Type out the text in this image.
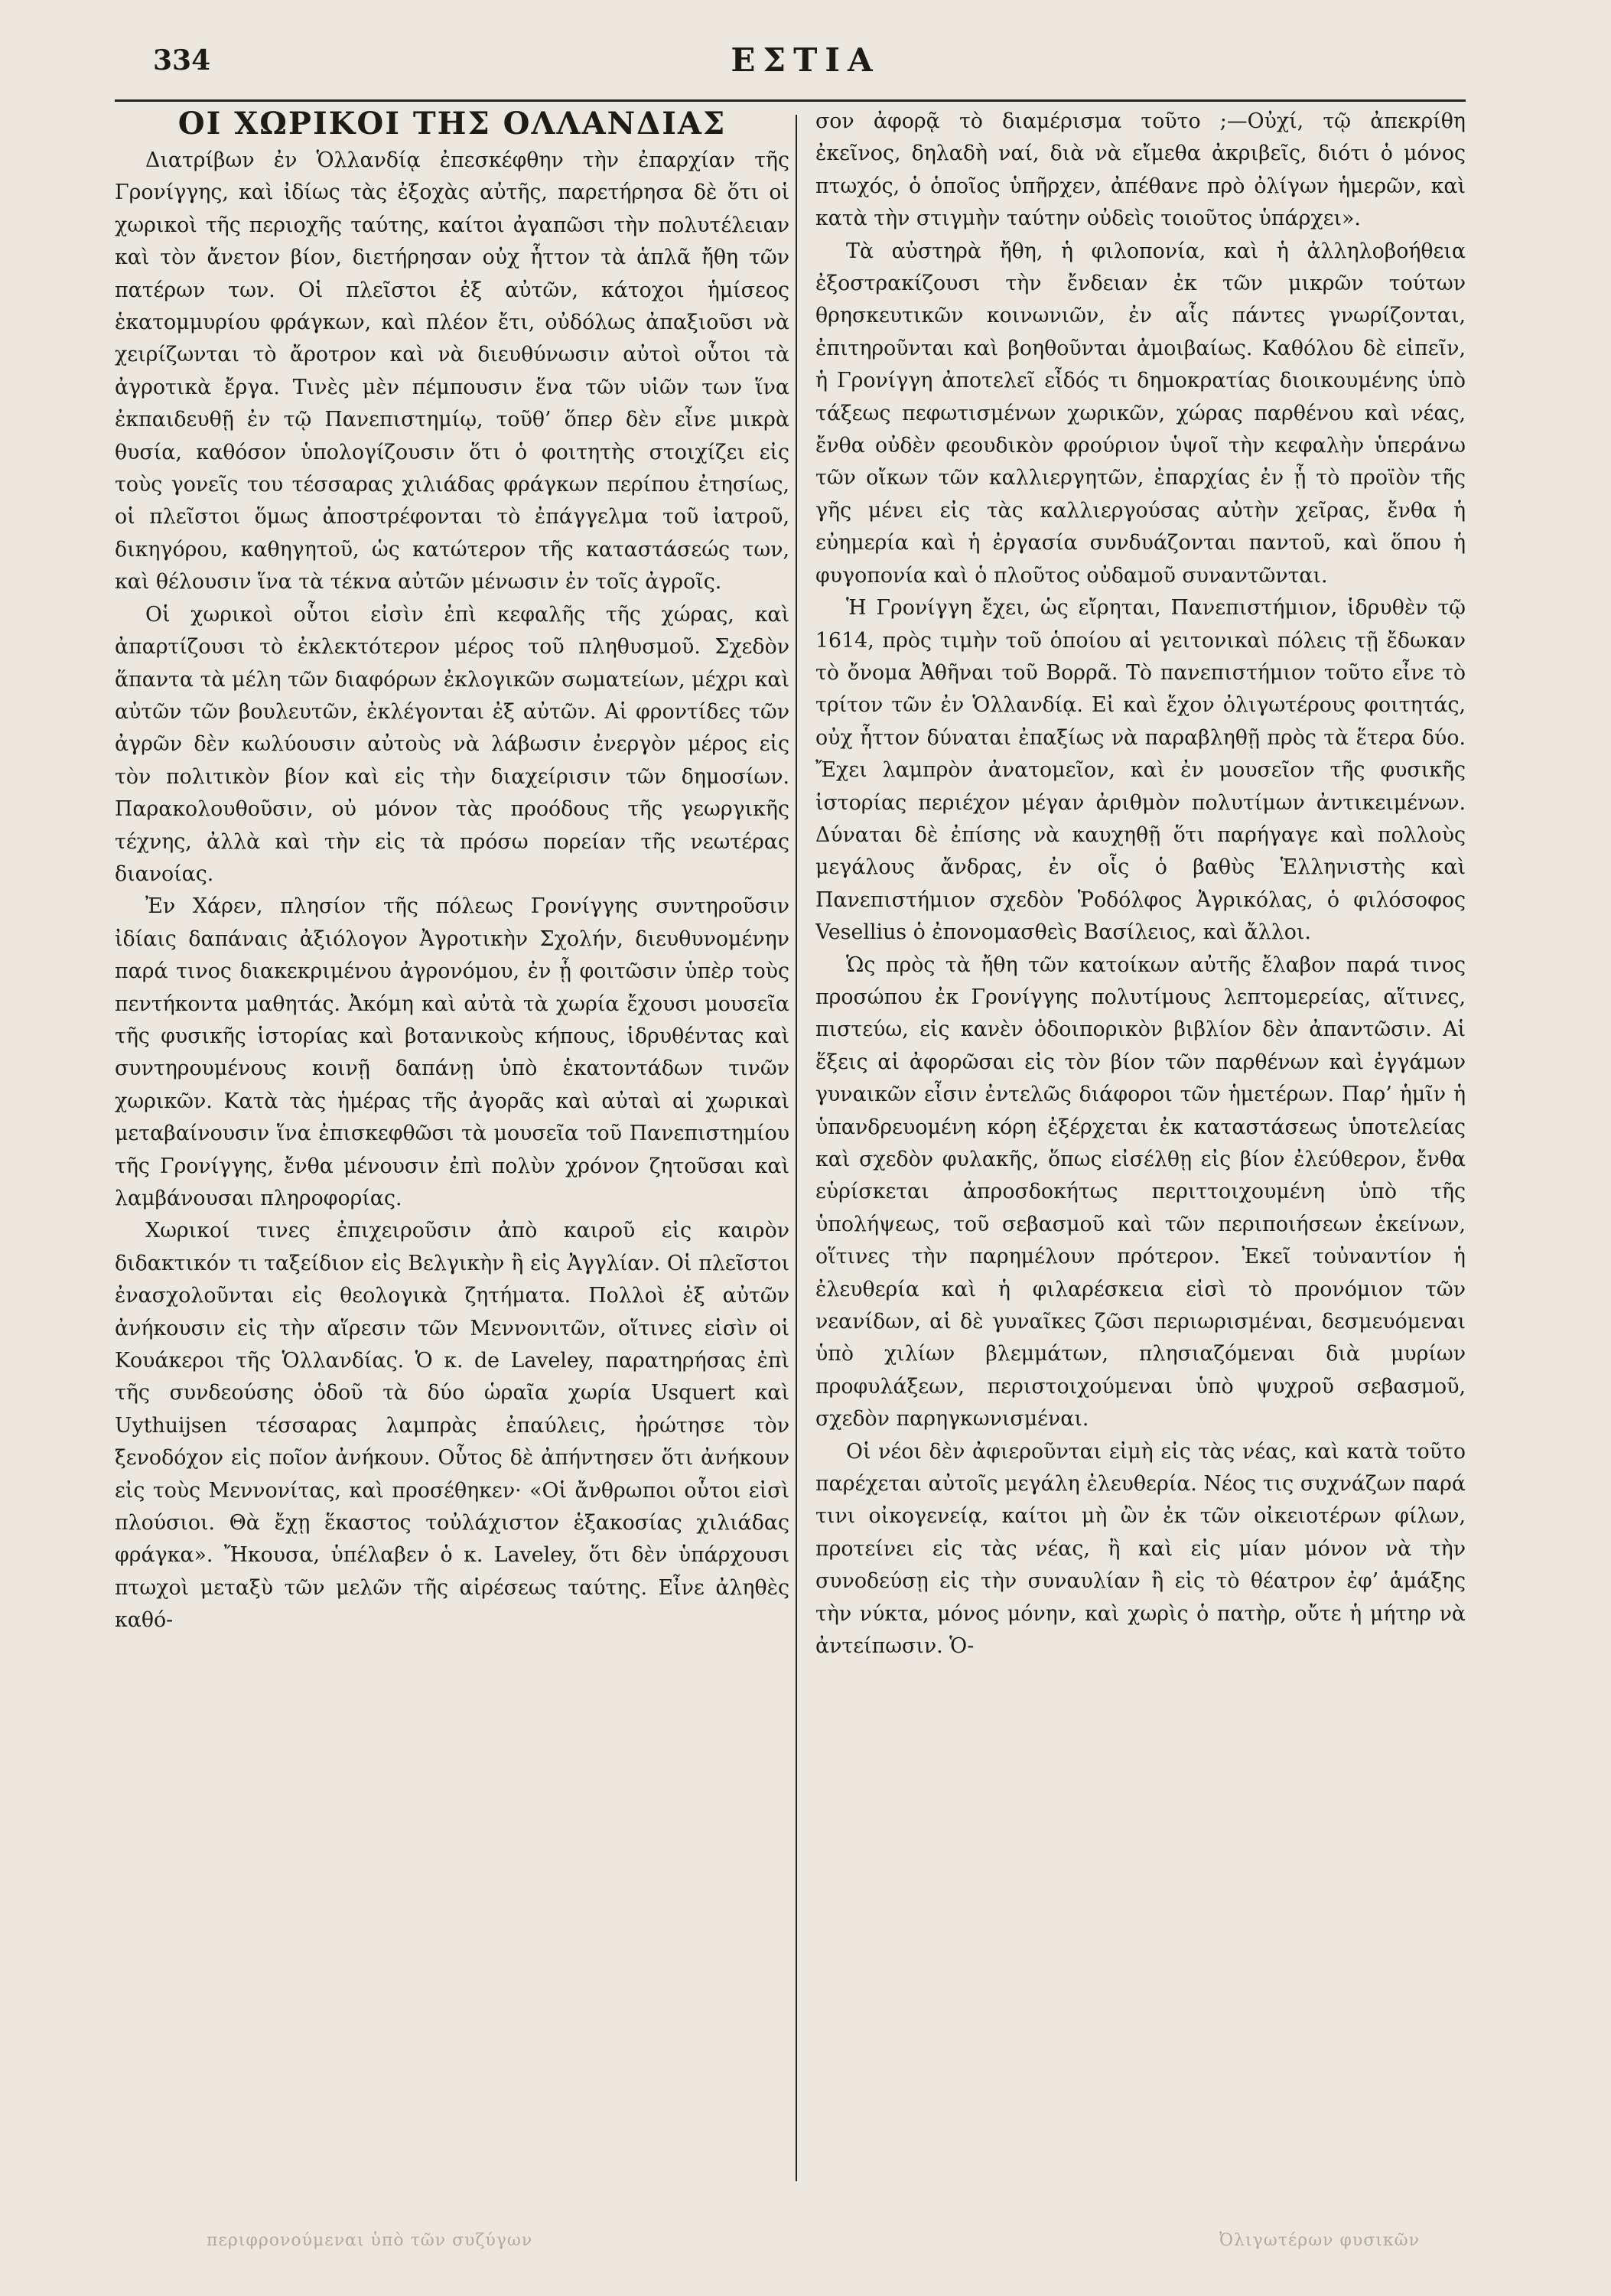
334	ΕΣΤΙΑ
ΟΙ ΧΩΡΙΚΟΙ ΤΗΣ ΟΛΛΑΝΔΙΑΣ

Διατρίβων ἐν Ὁλλανδίᾳ ἐπεσκέφθην τὴν ἐπαρχίαν τῆς Γρονίγγης, καὶ ἰδίως τὰς ἐξοχὰς αὐτῆς, παρετήρησα δὲ ὅτι οἱ χωρικοὶ τῆς περιοχῆς ταύτης, καίτοι ἀγαπῶσι τὴν πολυτέλειαν καὶ τὸν ἄνετον βίον, διετήρησαν οὐχ ἧττον τὰ ἁπλᾶ ἤθη τῶν πατέρων των. Οἱ πλεῖστοι ἐξ αὐτῶν, κάτοχοι ἡμίσεος ἑκατομμυρίου φράγκων, καὶ πλέον ἔτι, οὐδόλως ἀπαξιοῦσι νὰ χειρίζωνται τὸ ἄροτρον καὶ νὰ διευθύνωσιν αὐτοὶ οὗτοι τὰ ἀγροτικὰ ἔργα. Τινὲς μὲν πέμπουσιν ἕνα τῶν υἱῶν των ἵνα ἐκπαιδευθῇ ἐν τῷ Πανεπιστημίῳ, τοῦθ’ ὅπερ δὲν εἶνε μικρὰ θυσία, καθόσον ὑπολογίζουσιν ὅτι ὁ φοιτητὴς στοιχίζει εἰς τοὺς γονεῖς του τέσσαρας χιλιάδας φράγκων περίπου ἐτησίως, οἱ πλεῖστοι ὅμως ἀποστρέφονται τὸ ἐπάγγελμα τοῦ ἰατροῦ, δικηγόρου, καθηγητοῦ, ὡς κατώτερον τῆς καταστάσεώς των, καὶ θέλουσιν ἵνα τὰ τέκνα αὐτῶν μένωσιν ἐν τοῖς ἀγροῖς.

Οἱ χωρικοὶ οὗτοι εἰσὶν ἐπὶ κεφαλῆς τῆς χώρας, καὶ ἀπαρτίζουσι τὸ ἐκλεκτότερον μέρος τοῦ πληθυσμοῦ. Σχεδὸν ἅπαντα τὰ μέλη τῶν διαφόρων ἐκλογικῶν σωματείων, μέχρι καὶ αὐτῶν τῶν βουλευτῶν, ἐκλέγονται ἐξ αὐτῶν. Αἱ φροντίδες τῶν ἀγρῶν δὲν κωλύουσιν αὐτοὺς νὰ λάβωσιν ἐνεργὸν μέρος εἰς τὸν πολιτικὸν βίον καὶ εἰς τὴν διαχείρισιν τῶν δημοσίων. Παρακολουθοῦσιν, οὐ μόνον τὰς προόδους τῆς γεωργικῆς τέχνης, ἀλλὰ καὶ τὴν εἰς τὰ πρόσω πορείαν τῆς νεωτέρας διανοίας.

Ἐν Χάρεν, πλησίον τῆς πόλεως Γρονίγγης συντηροῦσιν ἰδίαις δαπάναις ἀξιόλογον Ἀγροτικὴν Σχολήν, διευθυνομένην παρά τινος διακεκριμένου ἀγρονόμου, ἐν ᾗ φοιτῶσιν ὑπὲρ τοὺς πεντήκοντα μαθητάς. Ἀκόμη καὶ αὐτὰ τὰ χωρία ἔχουσι μουσεῖα τῆς φυσικῆς ἱστορίας καὶ βοτανικοὺς κήπους, ἱδρυθέντας καὶ συντηρουμένους κοινῇ δαπάνῃ ὑπὸ ἑκατοντάδων τινῶν χωρικῶν. Κατὰ τὰς ἡμέρας τῆς ἀγορᾶς καὶ αὐταὶ αἱ χωρικαὶ μεταβαίνουσιν ἵνα ἐπισκεφθῶσι τὰ μουσεῖα τοῦ Πανεπιστημίου τῆς Γρονίγγης, ἔνθα μένουσιν ἐπὶ πολὺν χρόνον ζητοῦσαι καὶ λαμβάνουσαι πληροφορίας.

Χωρικοί τινες ἐπιχειροῦσιν ἀπὸ καιροῦ εἰς καιρὸν διδακτικόν τι ταξείδιον εἰς Βελγικὴν ἢ εἰς Ἀγγλίαν. Οἱ πλεῖστοι ἐνασχολοῦνται εἰς θεολογικὰ ζητήματα. Πολλοὶ ἐξ αὐτῶν ἀνήκουσιν εἰς τὴν αἵρεσιν τῶν Μεννονιτῶν, οἵτινες εἰσὶν οἱ Κουάκεροι τῆς Ὁλλανδίας. Ὁ κ. de Laveley, παρατηρήσας ἐπὶ τῆς συνδεούσης ὁδοῦ τὰ δύο ὡραῖα χωρία Usquert καὶ Uythuijsen τέσσαρας λαμπρὰς ἐπαύλεις, ἠρώτησε τὸν ξενοδόχον εἰς ποῖον ἀνήκουν. Οὗτος δὲ ἀπήντησεν ὅτι ἀνήκουν εἰς τοὺς Μεννονίτας, καὶ προσέθηκεν· «Οἱ ἄνθρωποι οὗτοι εἰσὶ πλούσιοι. Θὰ ἔχῃ ἕκαστος τοὐλάχιστον ἑξακοσίας χιλιάδας φράγκα». Ἤκουσα, ὑπέλαβεν ὁ κ. Laveley, ὅτι δὲν ὑπάρχουσι πτωχοὶ μεταξὺ τῶν μελῶν τῆς αἱρέσεως ταύτης. Εἶνε ἀληθὲς καθό-

σον ἀφορᾷ τὸ διαμέρισμα τοῦτο ;—Οὐχί, τῷ ἀπεκρίθη ἐκεῖνος, δηλαδὴ ναί, διὰ νὰ εἴμεθα ἀκριβεῖς, διότι ὁ μόνος πτωχός, ὁ ὁποῖος ὑπῆρχεν, ἀπέθανε πρὸ ὀλίγων ἡμερῶν, καὶ κατὰ τὴν στιγμὴν ταύτην οὐδεὶς τοιοῦτος ὑπάρχει».

Τὰ αὐστηρὰ ἤθη, ἡ φιλοπονία, καὶ ἡ ἀλληλοβοήθεια ἐξοστρακίζουσι τὴν ἔνδειαν ἐκ τῶν μικρῶν τούτων θρησκευτικῶν κοινωνιῶν, ἐν αἷς πάντες γνωρίζονται, ἐπιτηροῦνται καὶ βοηθοῦνται ἀμοιβαίως. Καθόλου δὲ εἰπεῖν, ἡ Γρονίγγη ἀποτελεῖ εἶδός τι δημοκρατίας διοικουμένης ὑπὸ τάξεως πεφωτισμένων χωρικῶν, χώρας παρθένου καὶ νέας, ἔνθα οὐδὲν φεουδικὸν φρούριον ὑψοῖ τὴν κεφαλὴν ὑπεράνω τῶν οἴκων τῶν καλλιεργητῶν, ἐπαρχίας ἐν ᾗ τὸ προϊὸν τῆς γῆς μένει εἰς τὰς καλλιεργούσας αὐτὴν χεῖρας, ἔνθα ἡ εὐημερία καὶ ἡ ἐργασία συνδυάζονται παντοῦ, καὶ ὅπου ἡ φυγοπονία καὶ ὁ πλοῦτος οὐδαμοῦ συναντῶνται.

Ἡ Γρονίγγη ἔχει, ὡς εἴρηται, Πανεπιστήμιον, ἱδρυθὲν τῷ 1614, πρὸς τιμὴν τοῦ ὁποίου αἱ γειτονικαὶ πόλεις τῇ ἔδωκαν τὸ ὄνομα Ἀθῆναι τοῦ Βορρᾶ. Τὸ πανεπιστήμιον τοῦτο εἶνε τὸ τρίτον τῶν ἐν Ὁλλανδίᾳ. Εἰ καὶ ἔχον ὀλιγωτέρους φοιτητάς, οὐχ ἧττον δύναται ἐπαξίως νὰ παραβληθῇ πρὸς τὰ ἕτερα δύο. Ἔχει λαμπρὸν ἀνατομεῖον, καὶ ἐν μουσεῖον τῆς φυσικῆς ἱστορίας περιέχον μέγαν ἀριθμὸν πολυτίμων ἀντικειμένων. Δύναται δὲ ἐπίσης νὰ καυχηθῇ ὅτι παρήγαγε καὶ πολλοὺς μεγάλους ἄνδρας, ἐν οἷς ὁ βαθὺς Ἑλληνιστὴς καὶ Πανεπιστήμιον σχεδὸν Ῥοδόλφος Ἀγρικόλας, ὁ φιλόσοφος Vesellius ὁ ἐπονομασθεὶς Βασίλειος, καὶ ἄλλοι.

Ὡς πρὸς τὰ ἤθη τῶν κατοίκων αὐτῆς ἔλαβον παρά τινος προσώπου ἐκ Γρονίγγης πολυτίμους λεπτομερείας, αἵτινες, πιστεύω, εἰς κανὲν ὁδοιπορικὸν βιβλίον δὲν ἀπαντῶσιν. Αἱ ἕξεις αἱ ἀφορῶσαι εἰς τὸν βίον τῶν παρθένων καὶ ἐγγάμων γυναικῶν εἶσιν ἐντελῶς διάφοροι τῶν ἡμετέρων. Παρ’ ἡμῖν ἡ ὑπανδρευομένη κόρη ἐξέρχεται ἐκ καταστάσεως ὑποτελείας καὶ σχεδὸν φυλακῆς, ὅπως εἰσέλθῃ εἰς βίον ἐλεύθερον, ἔνθα εὑρίσκεται ἀπροσδοκήτως περιττοιχουμένη ὑπὸ τῆς ὑπολήψεως, τοῦ σεβασμοῦ καὶ τῶν περιποιήσεων ἐκείνων, οἵτινες τὴν παρημέλουν πρότερον. Ἐκεῖ τοὐναντίον ἡ ἐλευθερία καὶ ἡ φιλαρέσκεια εἰσὶ τὸ προνόμιον τῶν νεανίδων, αἱ δὲ γυναῖκες ζῶσι περιωρισμέναι, δεσμευόμεναι ὑπὸ χιλίων βλεμμάτων, πλησιαζόμεναι διὰ μυρίων προφυλάξεων, περιστοιχούμεναι ὑπὸ ψυχροῦ σεβασμοῦ, σχεδὸν παρηγκωνισμέναι.

Οἱ νέοι δὲν ἀφιεροῦνται εἰμὴ εἰς τὰς νέας, καὶ κατὰ τοῦτο παρέχεται αὐτοῖς μεγάλη ἐλευθερία. Νέος τις συχνάζων παρά τινι οἰκογενείᾳ, καίτοι μὴ ὢν ἐκ τῶν οἰκειοτέρων φίλων, προτείνει εἰς τὰς νέας, ἢ καὶ εἰς μίαν μόνον νὰ τὴν συνοδεύσῃ εἰς τὴν συναυλίαν ἢ εἰς τὸ θέατρον ἐφ’ ἁμάξης τὴν νύκτα, μόνος μόνην, καὶ χωρὶς ὁ πατὴρ, οὔτε ἡ μήτηρ νὰ ἀντείπωσιν. Ὁ-

περιφρονούμεναι ὑπὸ τῶν συζύγων	Ὀλιγωτέρων φυσικῶν
